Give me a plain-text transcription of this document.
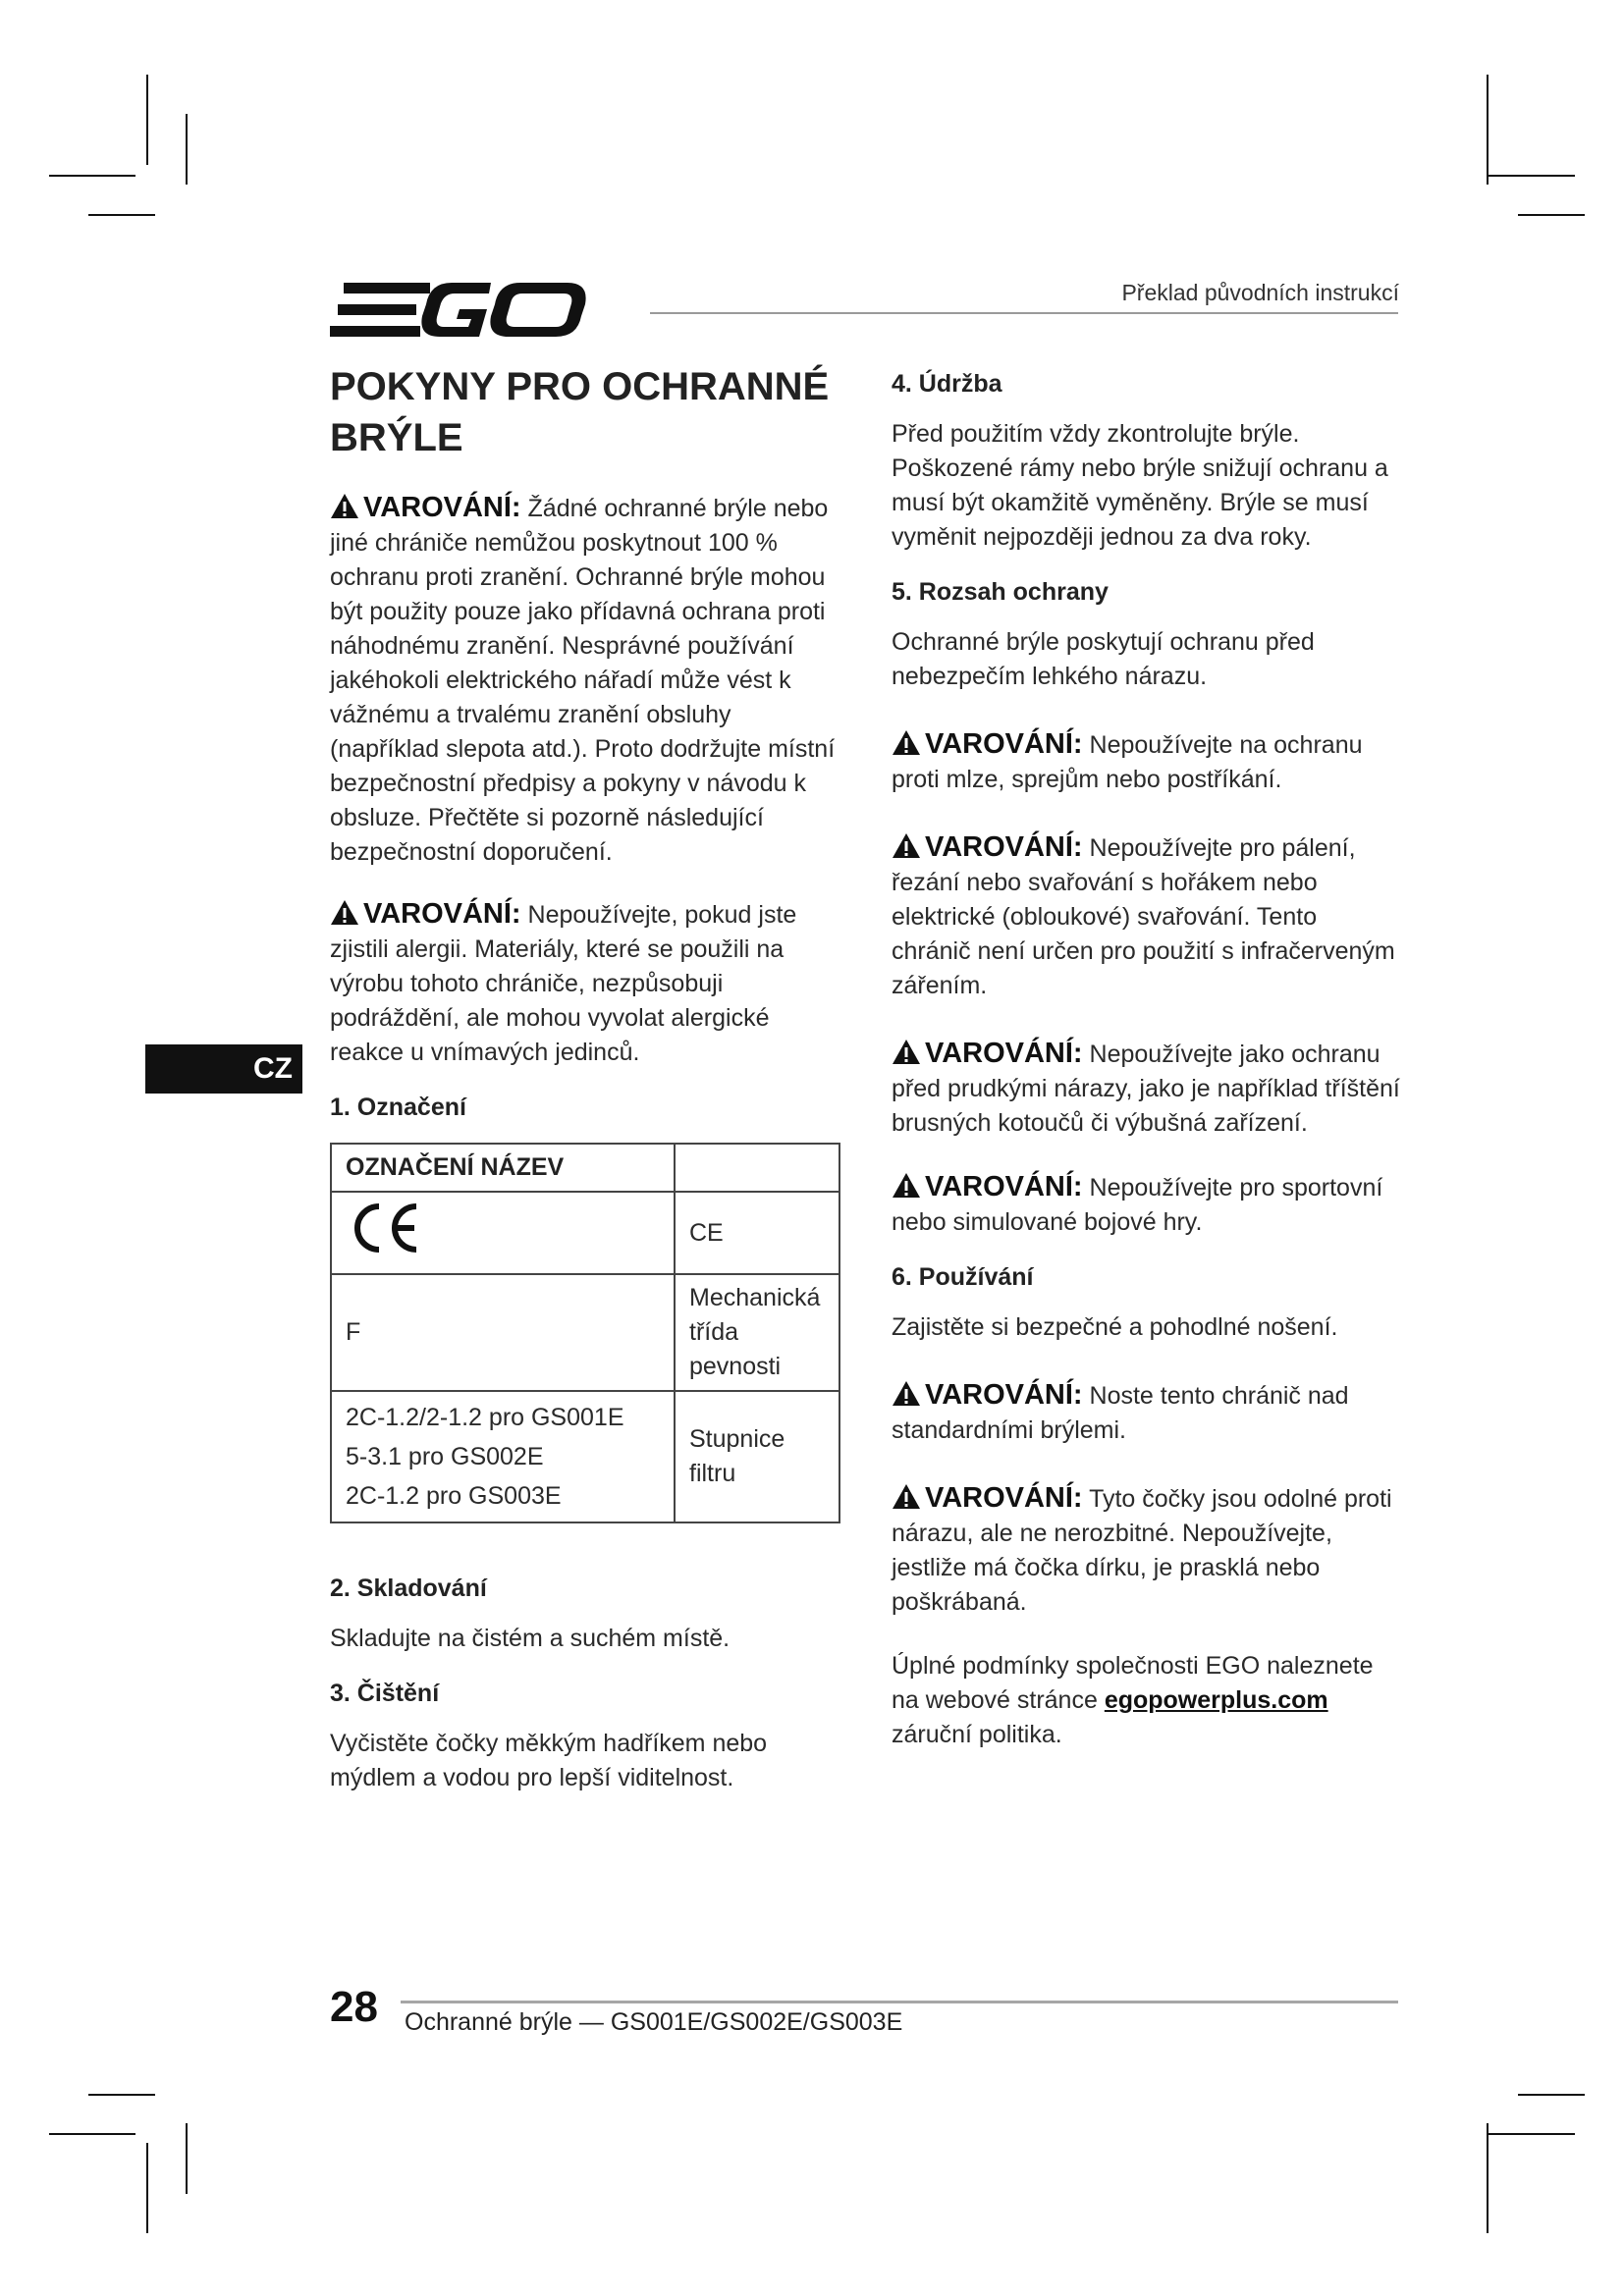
Překlad původních instrukcí
CZ
POKYNY PRO OCHRANNÉ BRÝLE
VAROVÁNÍ: Žádné ochranné brýle nebo jiné chrániče nemůžou poskytnout 100 % ochranu proti zranění. Ochranné brýle mohou být použity pouze jako přídavná ochrana proti náhodnému zranění. Nesprávné používání jakéhokoli elektrického nářadí může vést k vážnému a trvalému zranění obsluhy (například slepota atd.). Proto dodržujte místní bezpečnostní předpisy a pokyny v návodu k obsluze. Přečtěte si pozorně následující bezpečnostní doporučení.
VAROVÁNÍ: Nepoužívejte, pokud jste zjistili alergii. Materiály, které se použili na výrobu tohoto chrániče, nezpůsobuji podráždění, ale mohou vyvolat alergické reakce u vnímavých jedinců.
1. Označení
OZNAČENÍ NÁZEV	
	CE
F	Mechanická třída pevnosti

2C-1.2/2-1.2 pro GS001E
5-3.1 pro GS002E
2C-1.2 pro GS003E	Stupnice filtru
2. Skladování
Skladujte na čistém a suchém místě.
3. Čištění
Vyčistěte čočky měkkým hadříkem nebo mýdlem a vodou pro lepší viditelnost.
4. Údržba
Před použitím vždy zkontrolujte brýle. Poškozené rámy nebo brýle snižují ochranu a musí být okamžitě vyměněny. Brýle se musí vyměnit nejpozději jednou za dva roky.
5. Rozsah ochrany
Ochranné brýle poskytují ochranu před nebezpečím lehkého nárazu.
VAROVÁNÍ: Nepoužívejte na ochranu proti mlze, sprejům nebo postříkání.
VAROVÁNÍ: Nepoužívejte pro pálení, řezání nebo svařování s hořákem nebo elektrické (obloukové) svařování. Tento chránič není určen pro použití s infračerveným zářením.
VAROVÁNÍ: Nepoužívejte jako ochranu před prudkými nárazy, jako je například tříštění brusných kotoučů či výbušná zařízení.
VAROVÁNÍ: Nepoužívejte pro sportovní nebo simulované bojové hry.
6. Používání
Zajistěte si bezpečné a pohodlné nošení.
VAROVÁNÍ: Noste tento chránič nad standardními brýlemi.
VAROVÁNÍ: Tyto čočky jsou odolné proti nárazu, ale ne nerozbitné. Nepoužívejte, jestliže má čočka dírku, je prasklá nebo poškrábaná.
Úplné podmínky společnosti EGO naleznete na webové stránce egopowerplus.com záruční politika.
28 Ochranné brýle — GS001E/GS002E/GS003E
